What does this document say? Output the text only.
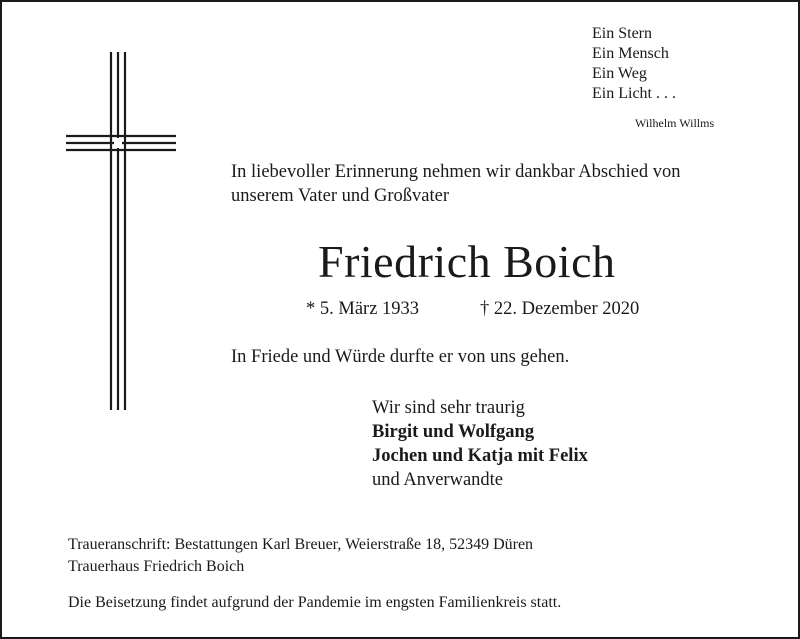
Ein Stern
Ein Mensch
Ein Weg
Ein Licht . . .
Wilhelm Willms
In liebevoller Erinnerung nehmen wir dankbar Abschied von
unserem Vater und Großvater
Friedrich Boich
* 5. März 1933	† 22. Dezember 2020
In Friede und Würde durfte er von uns gehen.
Wir sind sehr traurig
Birgit und Wolfgang
Jochen und Katja mit Felix
und Anverwandte
Traueranschrift: Bestattungen Karl Breuer, Weierstraße 18, 52349 Düren
Trauerhaus Friedrich Boich
Die Beisetzung findet aufgrund der Pandemie im engsten Familienkreis statt.
